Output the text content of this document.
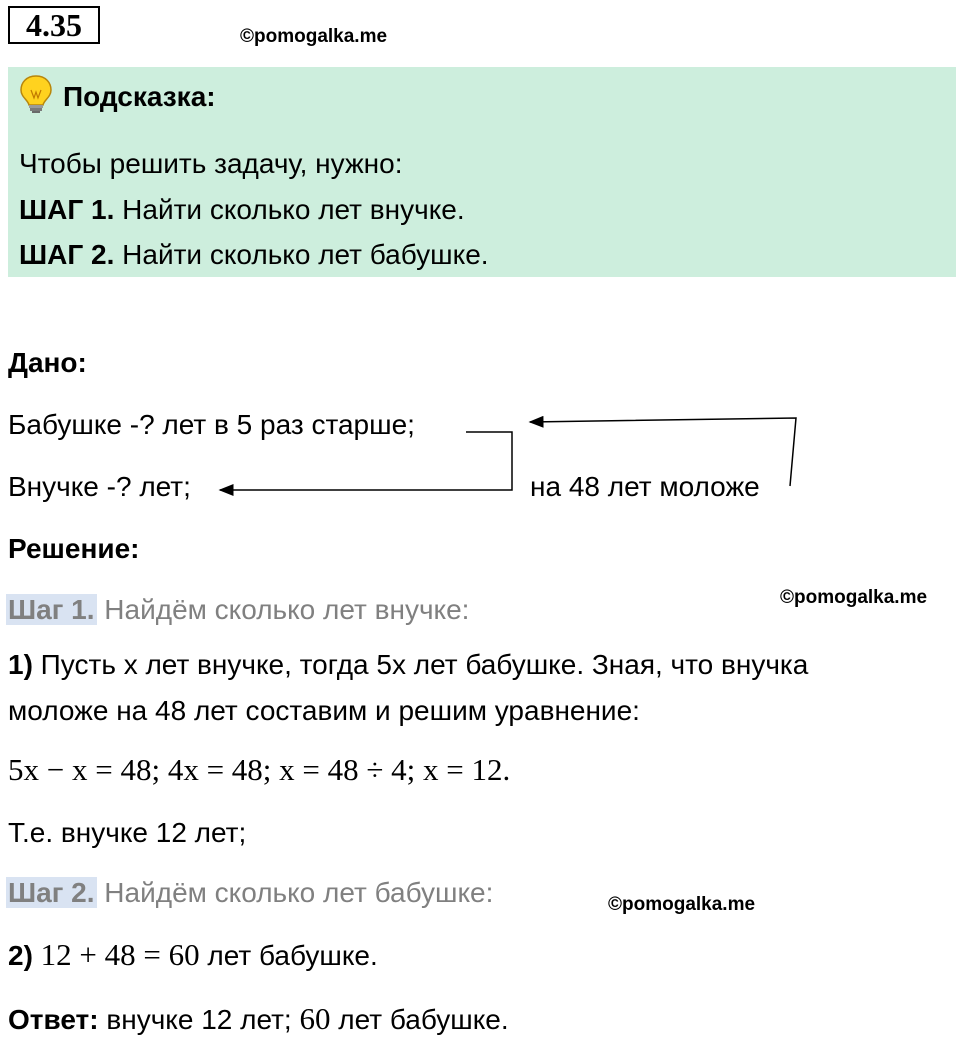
4.35	©pomogalka.me
Подсказка:
Чтобы решить задачу, нужно:
ШАГ 1. Найти сколько лет внучке.
ШАГ 2. Найти сколько лет бабушке.
Дано:
Бабушке -? лет в 5 раз старше;
Внучке -? лет;	на 48 лет моложе
Решение:
©pomogalka.me
Шаг 1. Найдём сколько лет внучке:
1) Пусть x лет внучке, тогда 5x лет бабушке. Зная, что внучка
моложе на 48 лет составим и решим уравнение:
5x − x = 48; 4x = 48; x = 48 ÷ 4; x = 12.
Т.е. внучке 12 лет;
Шаг 2. Найдём сколько лет бабушке:	©pomogalka.me
2) 12 + 48 = 60 лет бабушке.
Ответ: внучке 12 лет; 60 лет бабушке.
